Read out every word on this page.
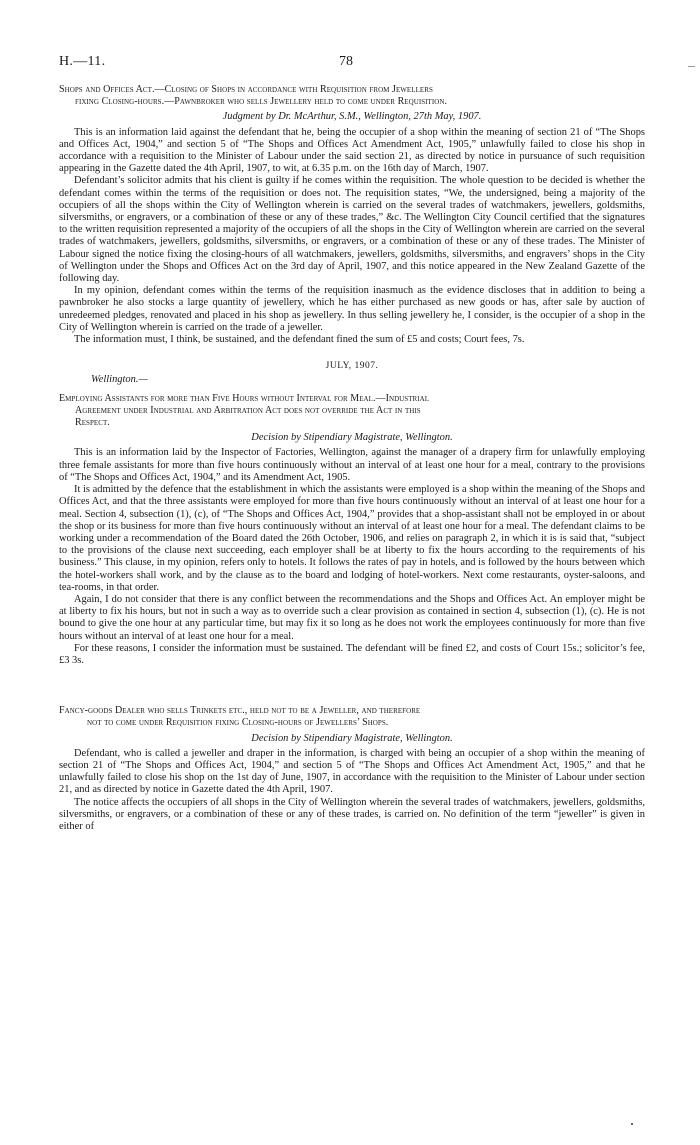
H.—11.	78

Shops and Offices Act.—Closing of Shops in accordance with Requisition from Jewellers
fixing Closing-hours.—Pawnbroker who sells Jewellery held to come under Requisition.

Judgment by Dr. McArthur, S.M., Wellington, 27th May, 1907.

This is an information laid against the defendant that he, being the occupier of a shop within the meaning of section 21 of “The Shops and Offices Act, 1904,” and section 5 of “The Shops and Offices Act Amendment Act, 1905,” unlawfully failed to close his shop in accordance with a requisition to the Minister of Labour under the said section 21, as directed by notice in pursuance of such requisition appearing in the Gazette dated the 4th April, 1907, to wit, at 6.35 p.m. on the 16th day of March, 1907.

Defendant’s solicitor admits that his client is guilty if he comes within the requisition. The whole question to be decided is whether the defendant comes within the terms of the requisition or does not. The requisition states, “We, the undersigned, being a majority of the occupiers of all the shops within the City of Wellington wherein is carried on the several trades of watchmakers, jewellers, goldsmiths, silversmiths, or engravers, or a combination of these or any of these trades,” &c. The Wellington City Council certified that the signatures to the written requisition represented a majority of the occupiers of all the shops in the City of Wellington wherein are carried on the several trades of watchmakers, jewellers, goldsmiths, silversmiths, or engravers, or a combination of these or any of these trades. The Minister of Labour signed the notice fixing the closing-hours of all watchmakers, jewellers, goldsmiths, silversmiths, and engravers’ shops in the City of Wellington under the Shops and Offices Act on the 3rd day of April, 1907, and this notice appeared in the New Zealand Gazette of the following day.

In my opinion, defendant comes within the terms of the requisition inasmuch as the evidence discloses that in addition to being a pawnbroker he also stocks a large quantity of jewellery, which he has either purchased as new goods or has, after sale by auction of unredeemed pledges, renovated and placed in his shop as jewellery. In thus selling jewellery he, I consider, is the occupier of a shop in the City of Wellington wherein is carried on the trade of a jeweller.

The information must, I think, be sustained, and the defendant fined the sum of £5 and costs; Court fees, 7s.

JULY, 1907.

Wellington.—

Employing Assistants for more than Five Hours without Interval for Meal.—Industrial
Agreement under Industrial and Arbitration Act does not override the Act in this
Respect.

Decision by Stipendiary Magistrate, Wellington.

This is an information laid by the Inspector of Factories, Wellington, against the manager of a drapery firm for unlawfully employing three female assistants for more than five hours continuously without an interval of at least one hour for a meal, contrary to the provisions of “The Shops and Offices Act, 1904,” and its Amendment Act, 1905.

It is admitted by the defence that the establishment in which the assistants were employed is a shop within the meaning of the Shops and Offices Act, and that the three assistants were employed for more than five hours continuously without an interval of at least one hour for a meal. Section 4, subsection (1), (c), of “The Shops and Offices Act, 1904,” provides that a shop-assistant shall not be employed in or about the shop or its business for more than five hours continuously without an interval of at least one hour for a meal. The defendant claims to be working under a recommendation of the Board dated the 26th October, 1906, and relies on paragraph 2, in which it is is said that, “subject to the provisions of the clause next succeeding, each employer shall be at liberty to fix the hours according to the requirements of his business.” This clause, in my opinion, refers only to hotels. It follows the rates of pay in hotels, and is followed by the hours between which the hotel-workers shall work, and by the clause as to the board and lodging of hotel-workers. Next come restaurants, oyster-saloons, and tea-rooms, in that order.

Again, I do not consider that there is any conflict between the recommendations and the Shops and Offices Act. An employer might be at liberty to fix his hours, but not in such a way as to override such a clear provision as contained in section 4, subsection (1), (c). He is not bound to give the one hour at any particular time, but may fix it so long as he does not work the employees continuously for more than five hours without an interval of at least one hour for a meal.

For these reasons, I consider the information must be sustained. The defendant will be fined £2, and costs of Court 15s.; solicitor’s fee, £3 3s.

Fancy-goods Dealer who sells Trinkets etc., held not to be a Jeweller, and therefore
not to come under Requisition fixing Closing-hours of Jewellers’ Shops.

Decision by Stipendiary Magistrate, Wellington.

Defendant, who is called a jeweller and draper in the information, is charged with being an occupier of a shop within the meaning of section 21 of “The Shops and Offices Act, 1904,” and section 5 of “The Shops and Offices Act Amendment Act, 1905,” and that he unlawfully failed to close his shop on the 1st day of June, 1907, in accordance with the requisition to the Minister of Labour under section 21, and as directed by notice in Gazette dated the 4th April, 1907.

The notice affects the occupiers of all shops in the City of Wellington wherein the several trades of watchmakers, jewellers, goldsmiths, silversmiths, or engravers, or a combination of these or any of these trades, is carried on. No definition of the term “jeweller” is given in either of
